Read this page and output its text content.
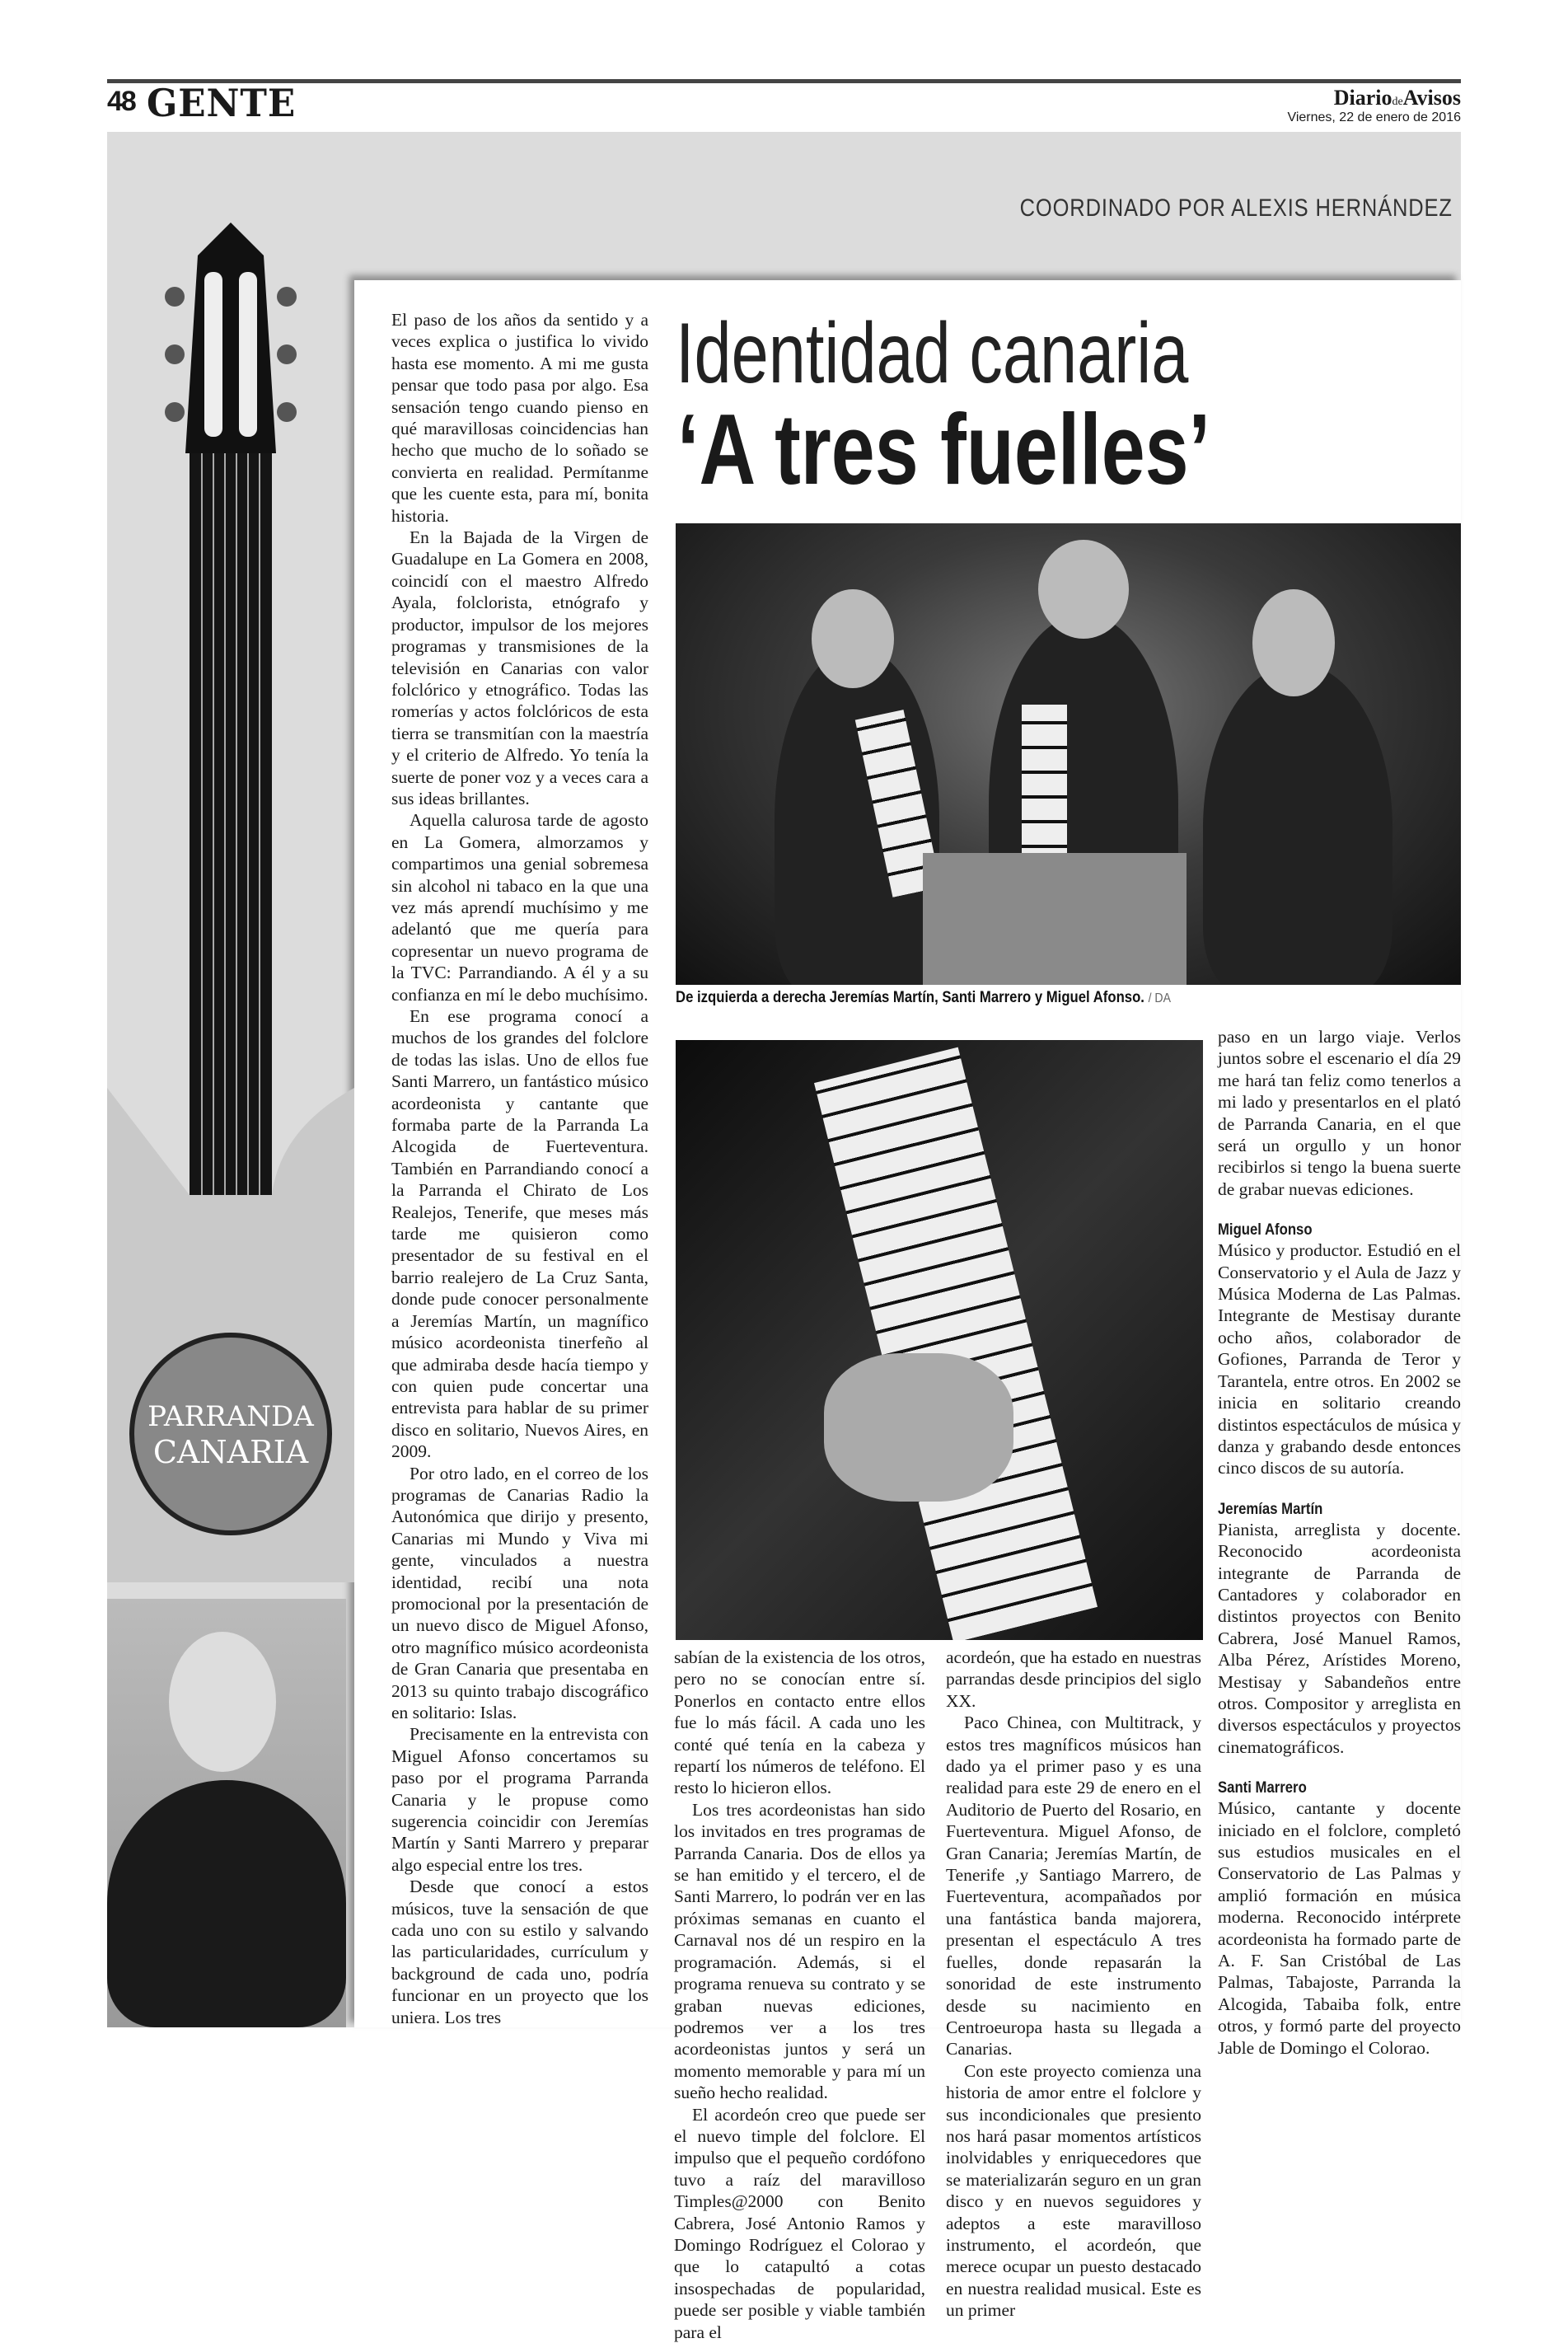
48 GENTE	DiariodeAvisos
Viernes, 22 de enero de 2016
COORDINADO POR ALEXIS HERNÁNDEZ
PARRANDA
CANARIA
Identidad canaria
‘A tres fuelles’
De izquierda a derecha Jeremías Martín, Santi Marrero y Miguel Afonso. / DA

El paso de los años da sentido y a veces explica o justifica lo vivido hasta ese momento. A mi me gusta pensar que todo pasa por algo. Esa sensación tengo cuando pienso en qué maravillosas coincidencias han hecho que mucho de lo soñado se convierta en realidad. Permítanme que les cuente esta, para mí, bonita historia.

En la Bajada de la Virgen de Guadalupe en La Gomera en 2008, coincidí con el maestro Alfredo Ayala, folclorista, etnógrafo y productor, impulsor de los mejores programas y transmisiones de la televisión en Canarias con valor folclórico y etnográfico. Todas las romerías y actos folclóricos de esta tierra se transmitían con la maestría y el criterio de Alfredo. Yo tenía la suerte de poner voz y a veces cara a sus ideas brillantes.

Aquella calurosa tarde de agosto en La Gomera, almorzamos y compartimos una genial sobremesa sin alcohol ni tabaco en la que una vez más aprendí muchísimo y me adelantó que me quería para copresentar un nuevo programa de la TVC: Parrandiando. A él y a su confianza en mí le debo muchísimo.

En ese programa conocí a muchos de los grandes del folclore de todas las islas. Uno de ellos fue Santi Marrero, un fantástico músico acordeonista y cantante que formaba parte de la Parranda La Alcogida de Fuerteventura. También en Parrandiando conocí a la Parranda el Chirato de Los Realejos, Tenerife, que meses más tarde me quisieron como presentador de su festival en el barrio realejero de La Cruz Santa, donde pude conocer personalmente a Jeremías Martín, un magnífico músico acordeonista tinerfeño al que admiraba desde hacía tiempo y con quien pude concertar una entrevista para hablar de su primer disco en solitario, Nuevos Aires, en 2009.

Por otro lado, en el correo de los programas de Canarias Radio la Autonómica que dirijo y presento, Canarias mi Mundo y Viva mi gente, vinculados a nuestra identidad, recibí una nota promocional por la presentación de un nuevo disco de Miguel Afonso, otro magnífico músico acordeonista de Gran Canaria que presentaba en 2013 su quinto trabajo discográfico en solitario: Islas.

Precisamente en la entrevista con Miguel Afonso concertamos su paso por el programa Parranda Canaria y le propuse como sugerencia coincidir con Jeremías Martín y Santi Marrero y preparar algo especial entre los tres.

Desde que conocí a estos músicos, tuve la sensación de que cada uno con su estilo y salvando las particularidades, currículum y background de cada uno, podría funcionar en un proyecto que los uniera. Los tres

sabían de la existencia de los otros, pero no se conocían entre sí. Ponerlos en contacto entre ellos fue lo más fácil. A cada uno les conté qué tenía en la cabeza y repartí los números de teléfono. El resto lo hicieron ellos.

Los tres acordeonistas han sido los invitados en tres programas de Parranda Canaria. Dos de ellos ya se han emitido y el tercero, el de Santi Marrero, lo podrán ver en las próximas semanas en cuanto el Carnaval nos dé un respiro en la programación. Además, si el programa renueva su contrato y se graban nuevas ediciones, podremos ver a los tres acordeonistas juntos y será un momento memorable y para mí un sueño hecho realidad.

El acordeón creo que puede ser el nuevo timple del folclore. El impulso que el pequeño cordófono tuvo a raíz del maravilloso Timples@2000 con Benito Cabrera, José Antonio Ramos y Domingo Rodríguez el Colorao y que lo catapultó a cotas insospechadas de popularidad, puede ser posible y viable también para el

acordeón, que ha estado en nuestras parrandas desde principios del siglo XX.

Paco Chinea, con Multitrack, y estos tres magníficos músicos han dado ya el primer paso y es una realidad para este 29 de enero en el Auditorio de Puerto del Rosario, en Fuerteventura. Miguel Afonso, de Gran Canaria; Jeremías Martín, de Tenerife ,y Santiago Marrero, de Fuerteventura, acompañados por una fantástica banda majorera, presentan el espectáculo A tres fuelles, donde repasarán la sonoridad de este instrumento desde su nacimiento en Centroeuropa hasta su llegada a Canarias.

Con este proyecto comienza una historia de amor entre el folclore y sus incondicionales que presiento nos hará pasar momentos artísticos inolvidables y enriquecedores que se materializarán seguro en un gran disco y en nuevos seguidores y adeptos a este maravilloso instrumento, el acordeón, que merece ocupar un puesto destacado en nuestra realidad musical. Este es un primer

paso en un largo viaje. Verlos juntos sobre el escenario el día 29 me hará tan feliz como tenerlos a mi lado y presentarlos en el plató de Parranda Canaria, en el que será un orgullo y un honor recibirlos si tengo la buena suerte de grabar nuevas ediciones.

Miguel Afonso

Músico y productor. Estudió en el Conservatorio y el Aula de Jazz y Música Moderna de Las Palmas. Integrante de Mestisay durante ocho años, colaborador de Gofiones, Parranda de Teror y Tarantela, entre otros. En 2002 se inicia en solitario creando distintos espectáculos de música y danza y grabando desde entonces cinco discos de su autoría.

Jeremías Martín

Pianista, arreglista y docente. Reconocido acordeonista integrante de Parranda de Cantadores y colaborador en distintos proyectos con Benito Cabrera, José Manuel Ramos, Alba Pérez, Arístides Moreno, Mestisay y Sabandeños entre otros. Compositor y arreglista en diversos espectáculos y proyectos cinematográficos.

Santi Marrero

Músico, cantante y docente iniciado en el folclore, completó sus estudios musicales en el Conservatorio de Las Palmas y amplió formación en música moderna. Reconocido intérprete acordeonista ha formado parte de A. F. San Cristóbal de Las Palmas, Tabajoste, Parranda la Alcogida, Tabaiba folk, entre otros, y formó parte del proyecto Jable de Domingo el Colorao.
